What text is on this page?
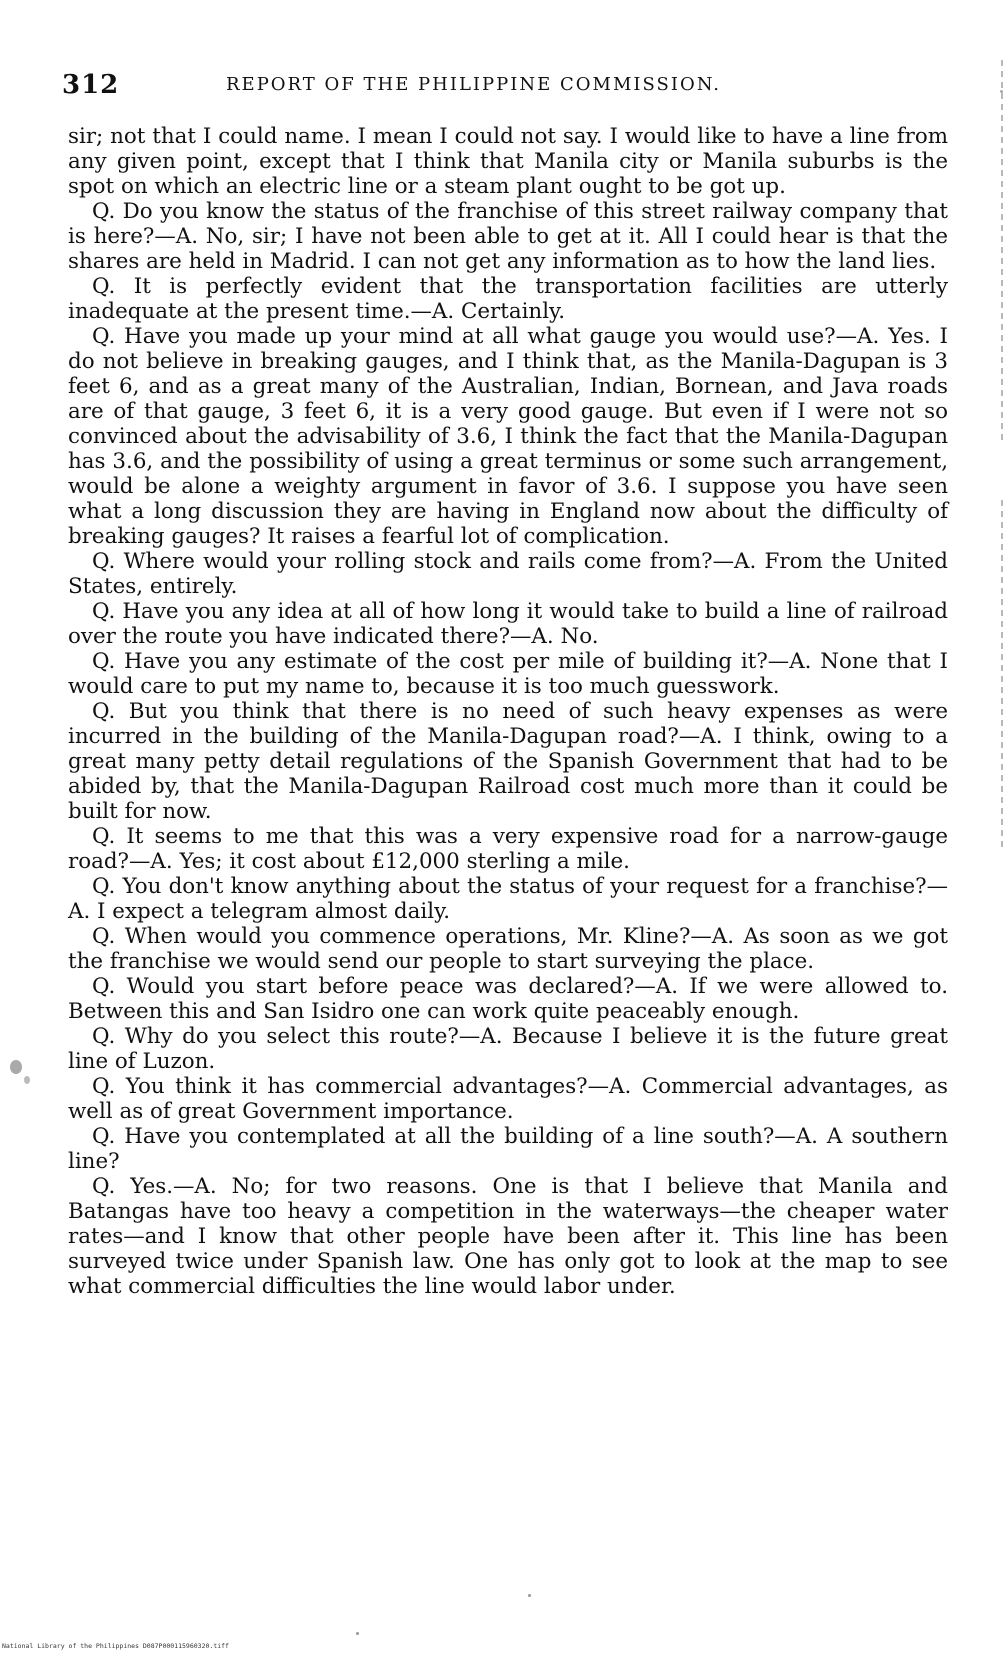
312	REPORT OF THE PHILIPPINE COMMISSION.

sir; not that I could name. I mean I could not say. I would like to have a line from any given point, except that I think that Manila city or Manila suburbs is the spot on which an electric line or a steam plant ought to be got up.

Q. Do you know the status of the franchise of this street railway company that is here?—A. No, sir; I have not been able to get at it. All I could hear is that the shares are held in Madrid. I can not get any information as to how the land lies.

Q. It is perfectly evident that the transportation facilities are utterly inadequate at the present time.—A. Certainly.

Q. Have you made up your mind at all what gauge you would use?—A. Yes. I do not believe in breaking gauges, and I think that, as the Manila-Dagupan is 3 feet 6, and as a great many of the Australian, Indian, Bornean, and Java roads are of that gauge, 3 feet 6, it is a very good gauge. But even if I were not so convinced about the advisability of 3.6, I think the fact that the Manila-Dagupan has 3.6, and the possibility of using a great terminus or some such arrangement, would be alone a weighty argument in favor of 3.6. I suppose you have seen what a long discussion they are having in England now about the difficulty of breaking gauges? It raises a fearful lot of complication.

Q. Where would your rolling stock and rails come from?—A. From the United States, entirely.

Q. Have you any idea at all of how long it would take to build a line of railroad over the route you have indicated there?—A. No.

Q. Have you any estimate of the cost per mile of building it?—A. None that I would care to put my name to, because it is too much guesswork.

Q. But you think that there is no need of such heavy expenses as were incurred in the building of the Manila-Dagupan road?—A. I think, owing to a great many petty detail regulations of the Spanish Government that had to be abided by, that the Manila-Dagupan Railroad cost much more than it could be built for now.

Q. It seems to me that this was a very expensive road for a narrow-gauge road?—A. Yes; it cost about £12,000 sterling a mile.

Q. You don't know anything about the status of your request for a franchise?—A. I expect a telegram almost daily.

Q. When would you commence operations, Mr. Kline?—A. As soon as we got the franchise we would send our people to start surveying the place.

Q. Would you start before peace was declared?—A. If we were allowed to. Between this and San Isidro one can work quite peaceably enough.

Q. Why do you select this route?—A. Because I believe it is the future great line of Luzon.

Q. You think it has commercial advantages?—A. Commercial advantages, as well as of great Government importance.

Q. Have you contemplated at all the building of a line south?—A. A southern line?

Q. Yes.—A. No; for two reasons. One is that I believe that Manila and Batangas have too heavy a competition in the waterways—the cheaper water rates—and I know that other people have been after it. This line has been surveyed twice under Spanish law. One has only got to look at the map to see what commercial difficulties the line would labor under.

National Library of the Philippines D087P000115960320.tiff
